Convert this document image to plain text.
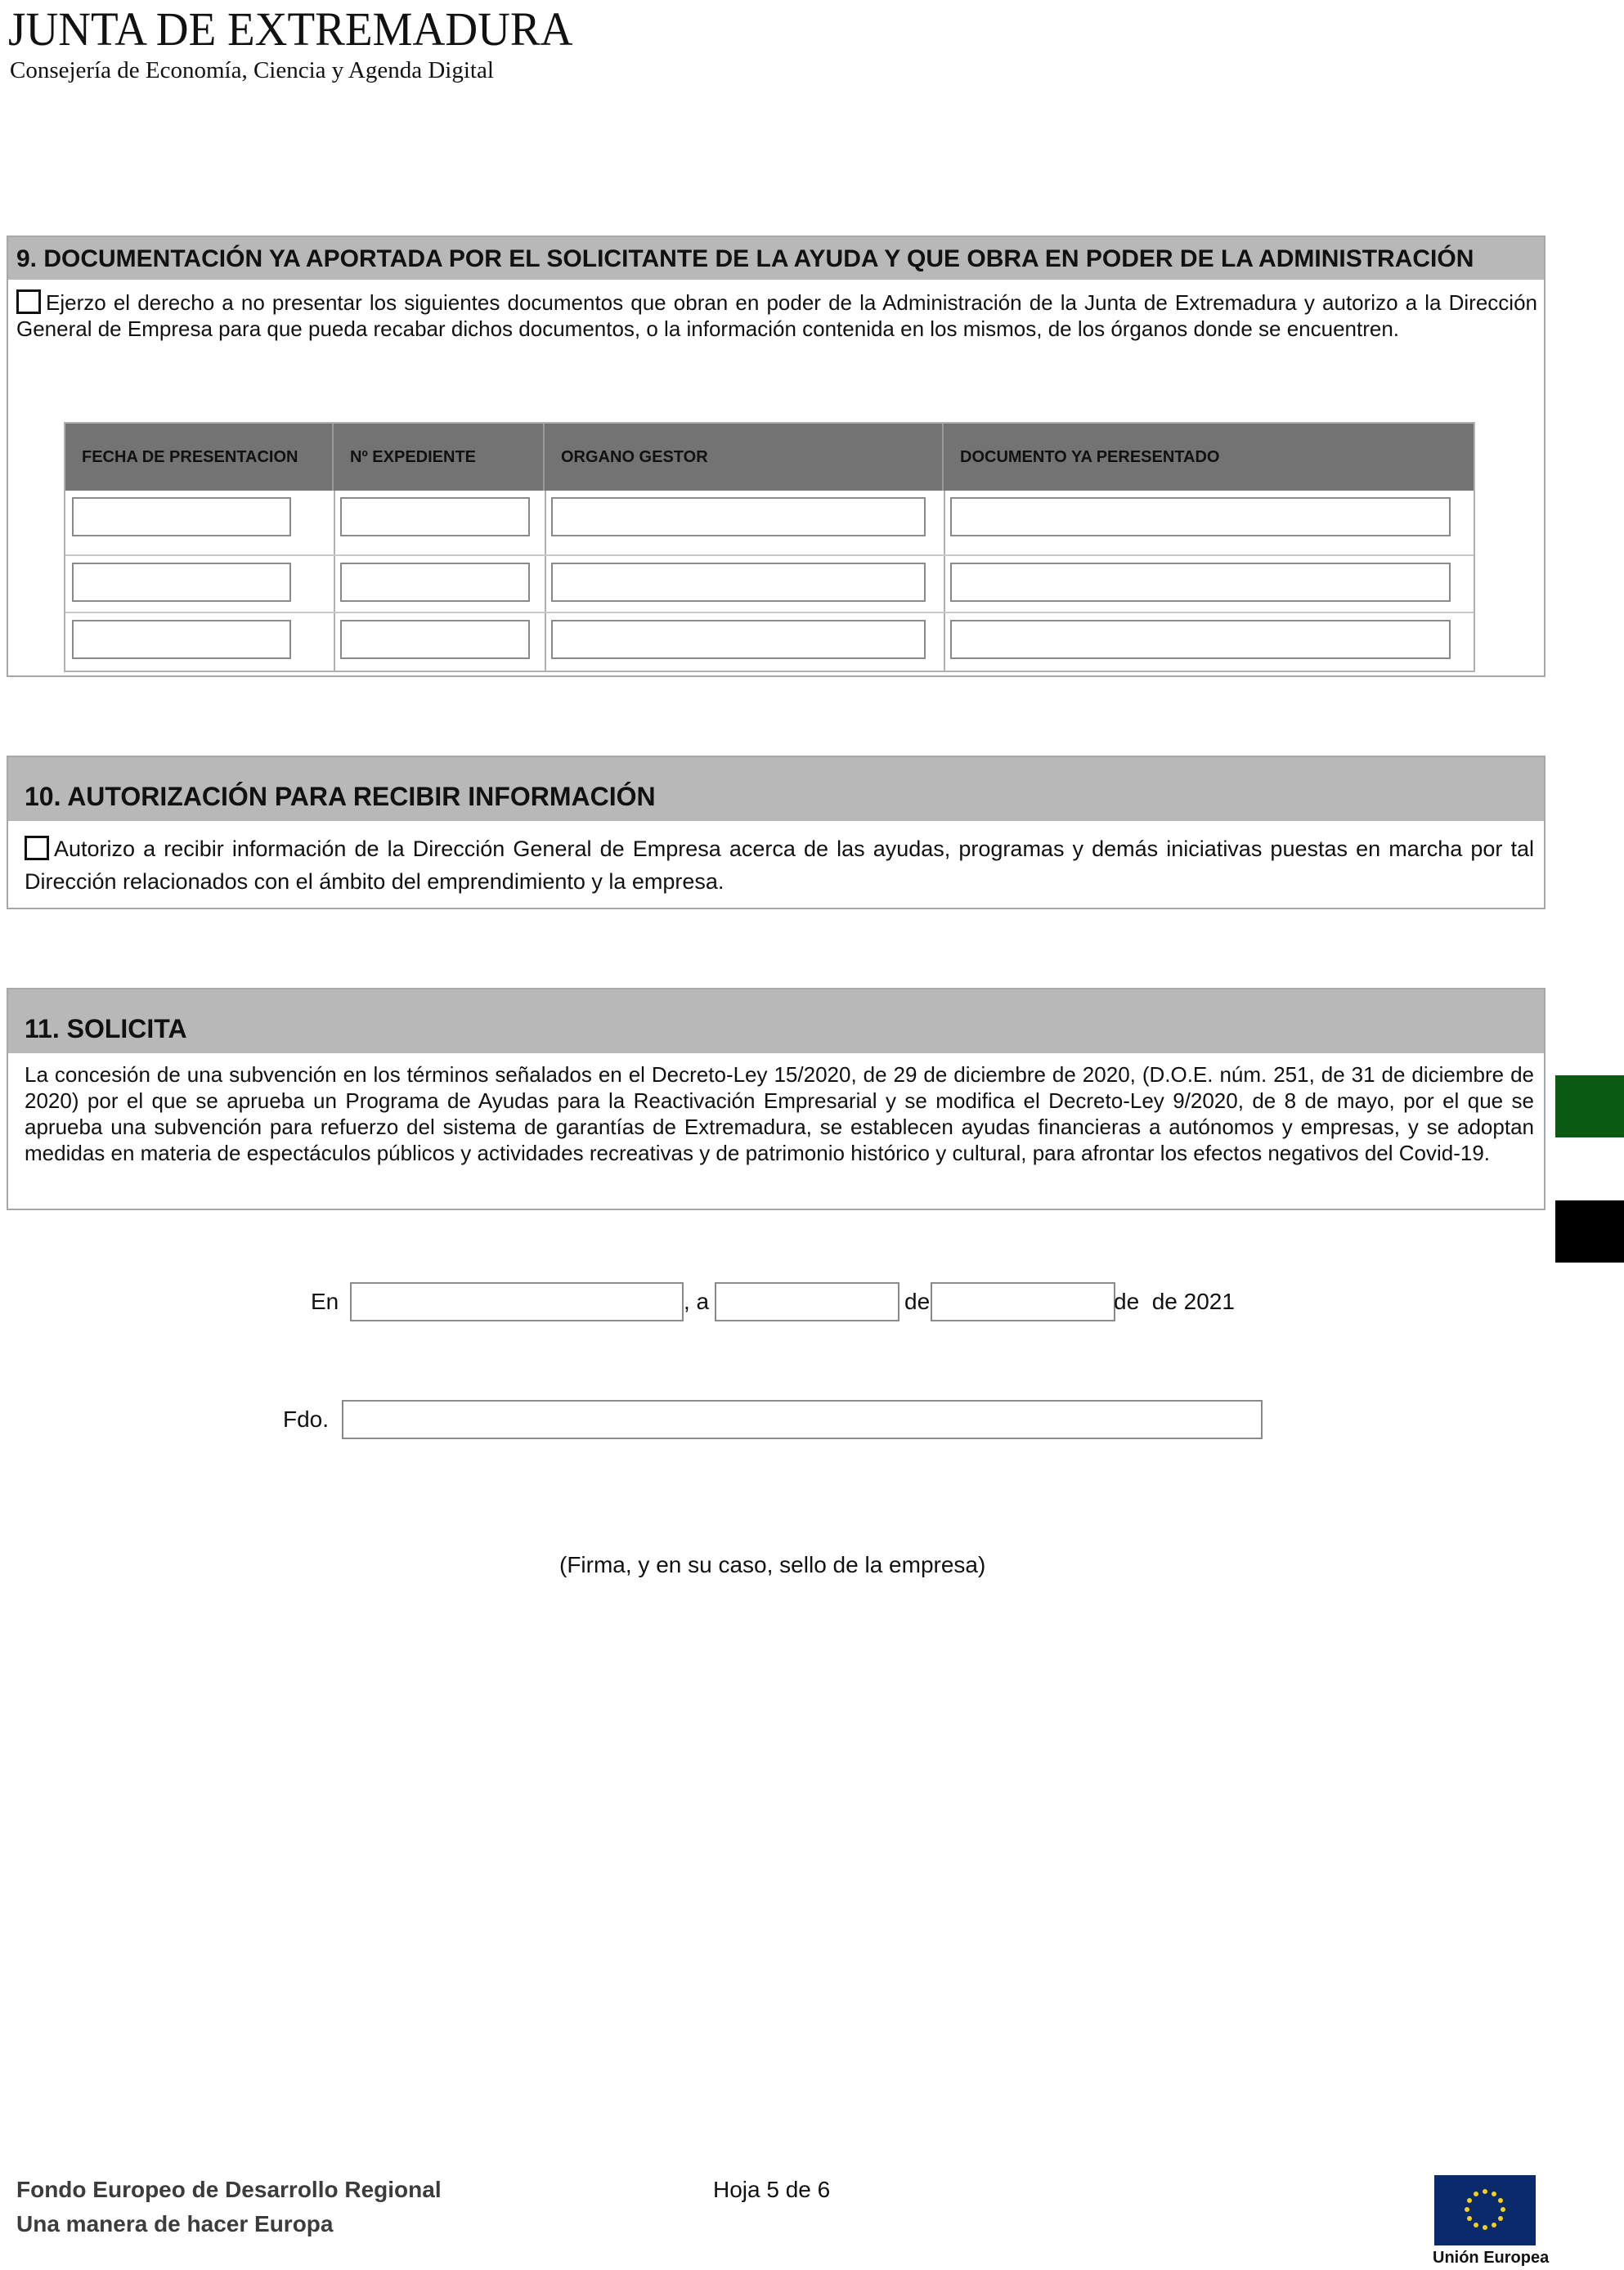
JUNTA DE EXTREMADURA
Consejería de Economía, Ciencia y Agenda Digital
9. DOCUMENTACIÓN YA APORTADA POR EL SOLICITANTE DE LA AYUDA Y QUE OBRA EN PODER DE LA ADMINISTRACIÓN
Ejerzo el derecho a no presentar los siguientes documentos que obran en poder de la Administración de la Junta de Extremadura y autorizo a la Dirección General de Empresa para que pueda recabar dichos documentos, o la información contenida en los mismos, de los órganos donde se encuentren.
FECHA DE PRESENTACION	Nº EXPEDIENTE	ORGANO GESTOR	DOCUMENTO YA PERESENTADO
10. AUTORIZACIÓN PARA RECIBIR INFORMACIÓN
Autorizo a recibir información de la Dirección General de Empresa acerca de las ayudas, programas y demás iniciativas puestas en marcha por tal Dirección relacionados con el ámbito del emprendimiento y la empresa.
11. SOLICITA
La concesión de una subvención en los términos señalados en el Decreto-Ley 15/2020, de 29 de diciembre de 2020, (D.O.E. núm. 251, de 31 de diciembre de 2020) por el que se aprueba un Programa de Ayudas para la Reactivación Empresarial y se modifica el Decreto-Ley 9/2020, de 8 de mayo, por el que se aprueba una subvención para refuerzo del sistema de garantías de Extremadura, se establecen ayudas financieras a autónomos y empresas, y se adoptan medidas en materia de espectáculos públicos y actividades recreativas y de patrimonio histórico y cultural, para afrontar los efectos negativos del Covid-19.
En	, a	de	de  de 2021
Fdo.
(Firma, y en su caso, sello de la empresa)
Fondo Europeo de Desarrollo Regional
Una manera de hacer Europa
Hoja 5 de 6
Unión Europea
